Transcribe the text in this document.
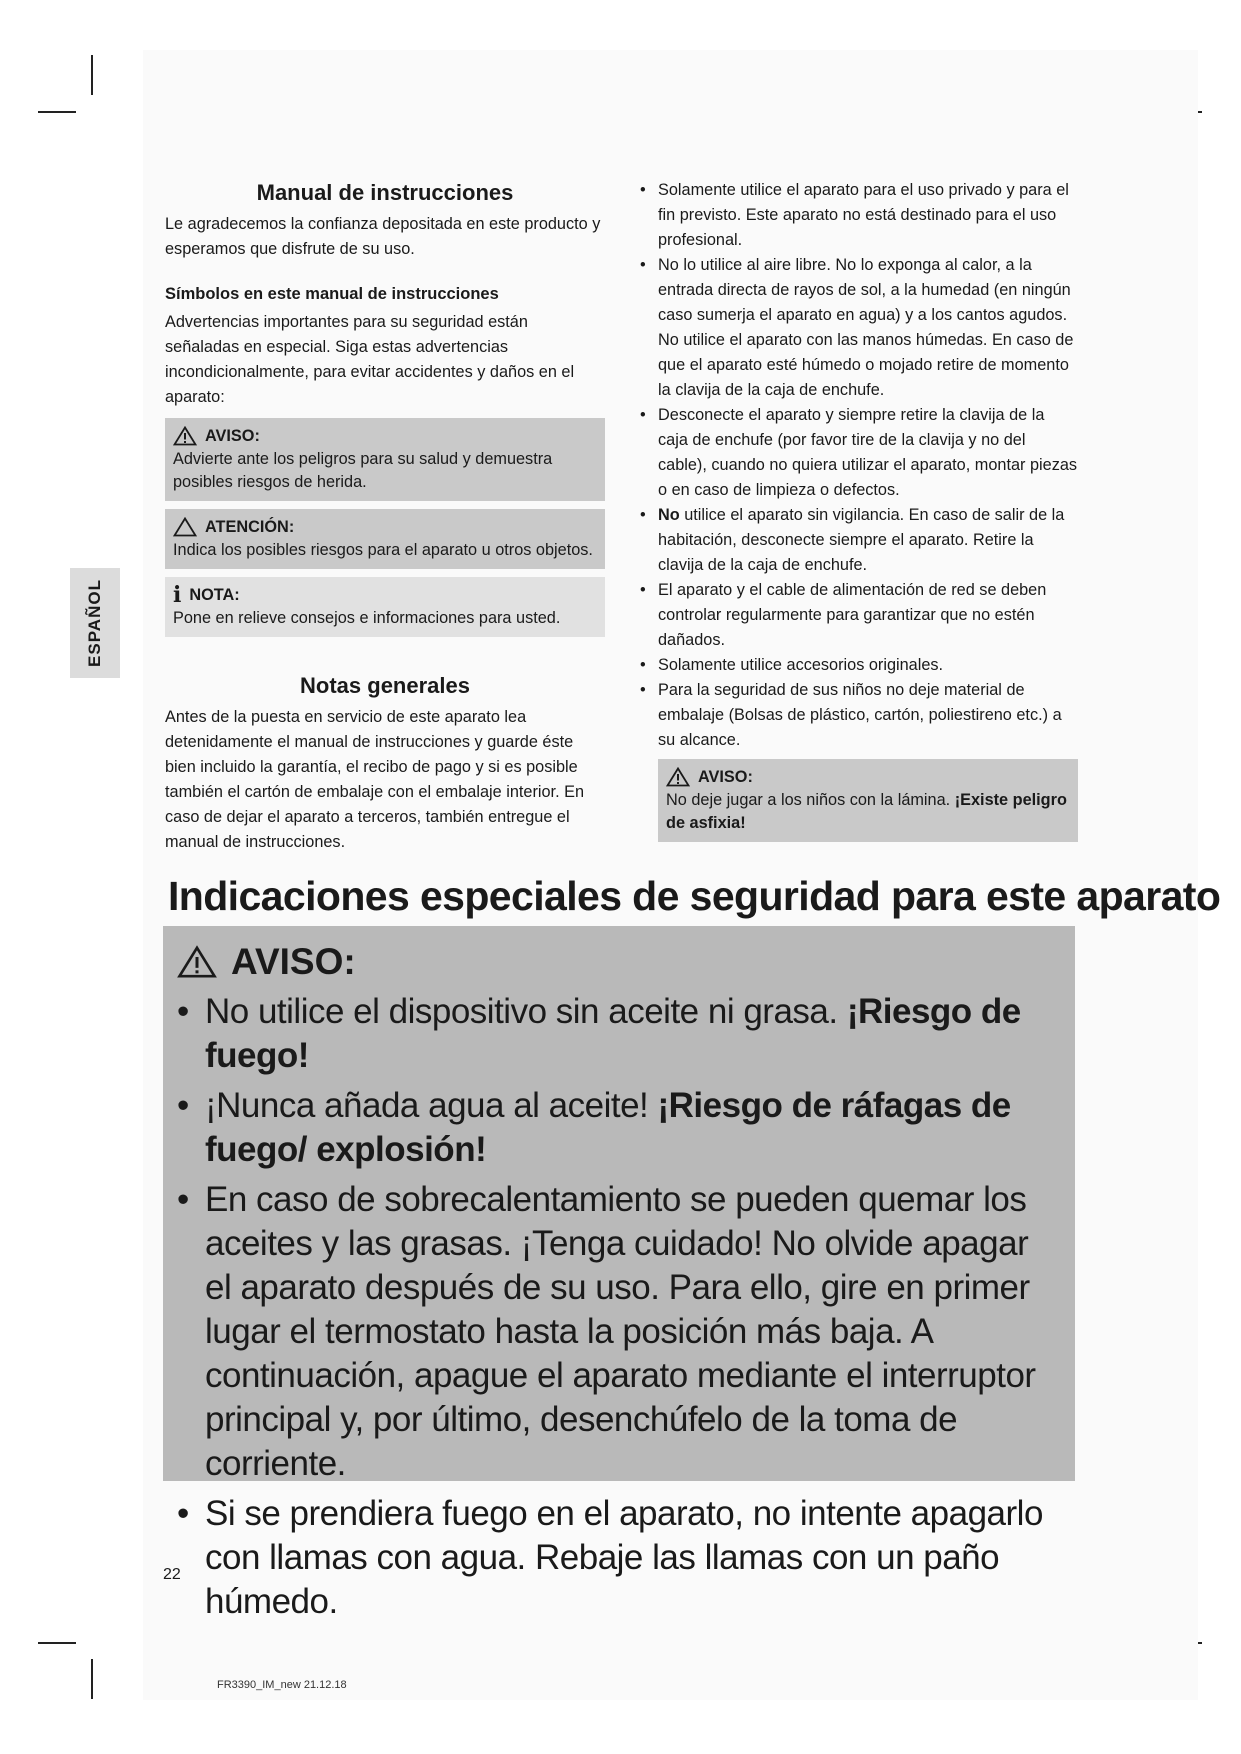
ESPAÑOL
Manual de instrucciones

Le agradecemos la confianza depositada en este producto y esperamos que disfrute de su uso.

Símbolos en este manual de instrucciones

Advertencias importantes para su seguridad están señaladas en especial. Siga estas advertencias incondicionalmente, para evitar accidentes y daños en el aparato:

AVISO:
Advierte ante los peligros para su salud y demuestra posibles riesgos de herida.
ATENCIÓN:
Indica los posibles riesgos para el aparato u otros objetos.
i NOTA:
Pone en relieve consejos e informaciones para usted.
Notas generales

Antes de la puesta en servicio de este aparato lea detenidamente el manual de instrucciones y guarde éste bien incluido la garantía, el recibo de pago y si es posible también el cartón de embalaje con el embalaje interior. En caso de dejar el aparato a terceros, también entregue el manual de instrucciones.

• Solamente utilice el aparato para el uso privado y para el fin previsto. Este aparato no está destinado para el uso profesional.
• No lo utilice al aire libre. No lo exponga al calor, a la entrada directa de rayos de sol, a la humedad (en ningún caso sumerja el aparato en agua) y a los cantos agudos. No utilice el aparato con las manos húmedas. En caso de que el aparato esté húmedo o mojado retire de momento la clavija de la caja de enchufe.
• Desconecte el aparato y siempre retire la clavija de la caja de enchufe (por favor tire de la clavija y no del cable), cuando no quiera utilizar el aparato, montar piezas o en caso de limpieza o defectos.
• No utilice el aparato sin vigilancia. En caso de salir de la habitación, desconecte siempre el aparato. Retire la clavija de la caja de enchufe.
• El aparato y el cable de alimentación de red se deben controlar regularmente para garantizar que no estén dañados.
• Solamente utilice accesorios originales.
• Para la seguridad de sus niños no deje material de embalaje (Bolsas de plástico, cartón, poliestireno etc.) a su alcance.
AVISO:
No deje jugar a los niños con la lámina. ¡Existe peligro de asfixia!
Indicaciones especiales de seguridad para este aparato
AVISO:
• No utilice el dispositivo sin aceite ni grasa. ¡Riesgo de fuego!
• ¡Nunca añada agua al aceite! ¡Riesgo de ráfagas de fuego/ explosión!
• En caso de sobrecalentamiento se pueden quemar los aceites y las grasas. ¡Tenga cuidado! No olvide apagar el aparato después de su uso. Para ello, gire en primer lugar el termostato hasta la posición más baja. A continuación, apague el aparato mediante el interruptor principal y, por último, desenchúfelo de la toma de corriente.
• Si se prendiera fuego en el aparato, no intente apagarlo con llamas con agua. Rebaje las llamas con un paño húmedo.
22
FR3390_IM_new 21.12.18
